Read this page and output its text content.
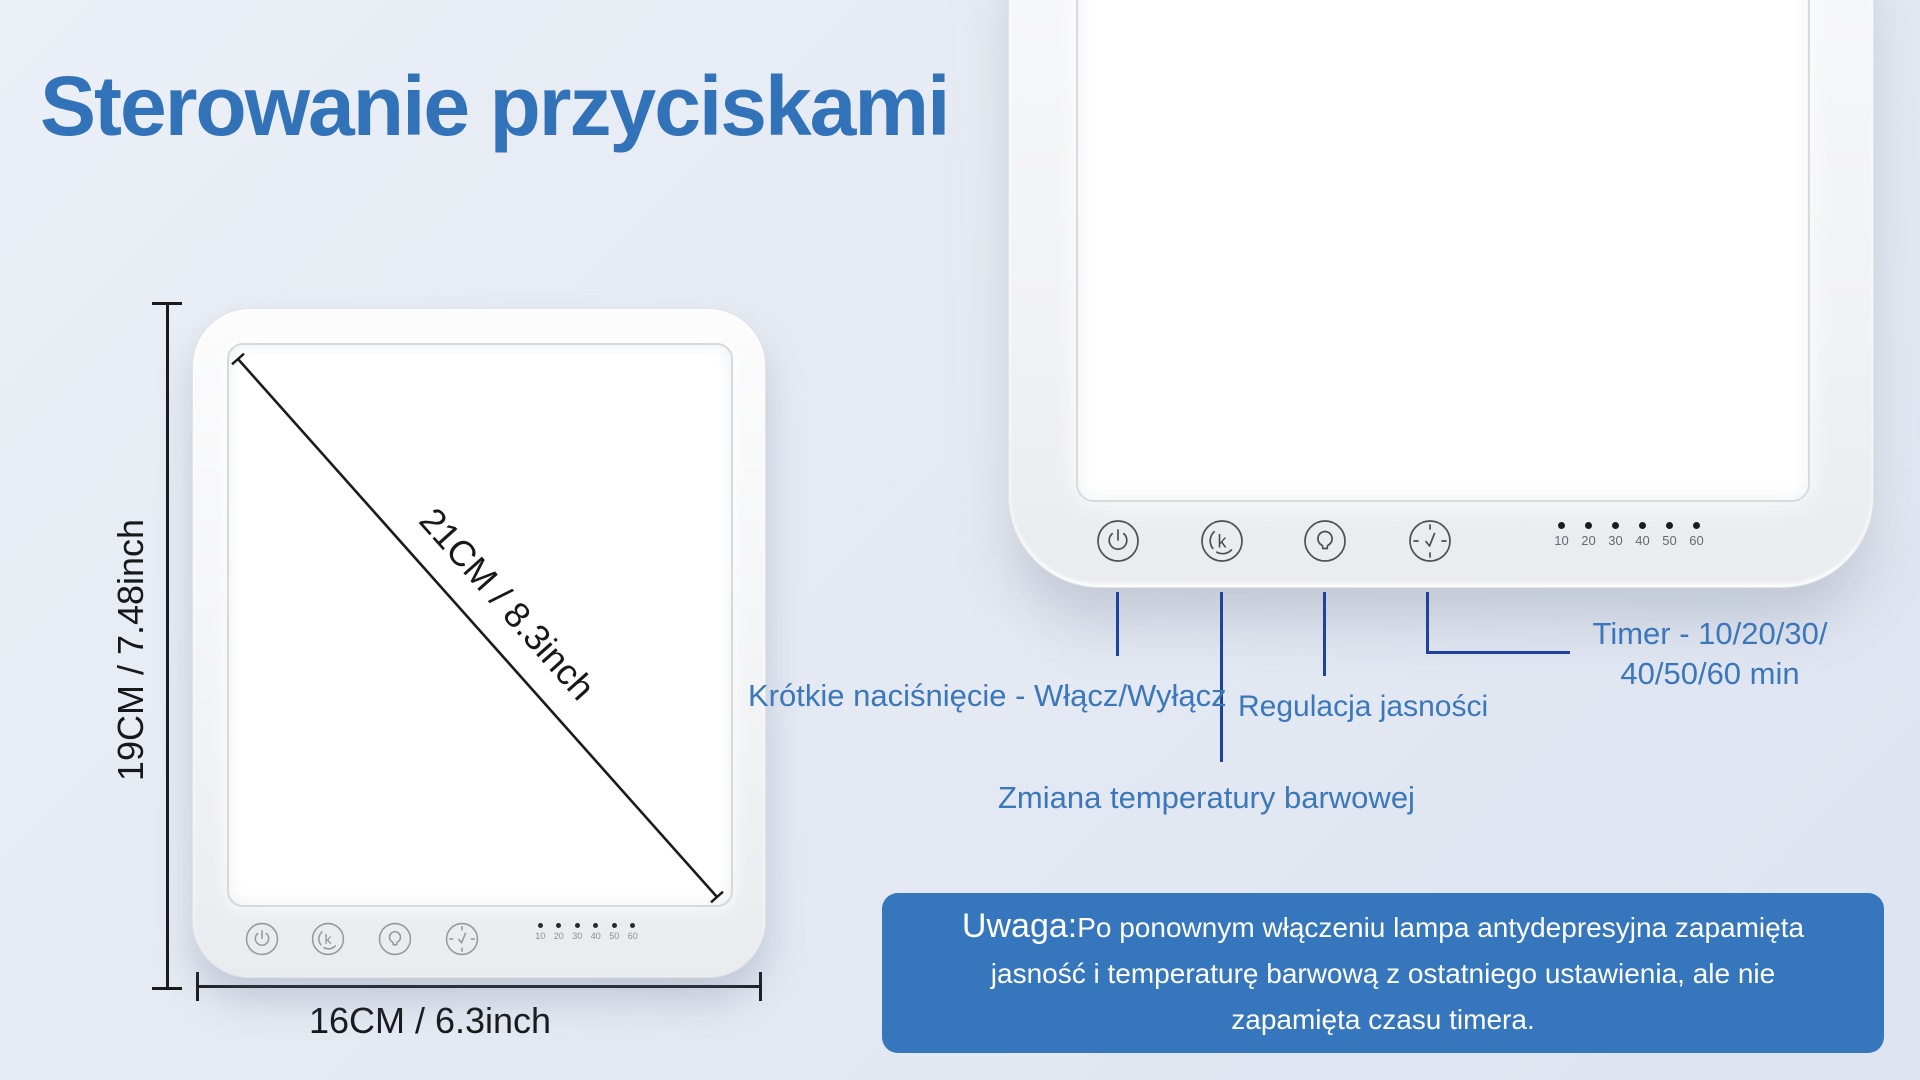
Sterowanie przyciskami
19CM / 7.48inch
16CM / 6.3inch
21CM / 8.3inch
k	10 20 30 40 50 60
k	10 20 30 40 50 60
Krótkie naciśnięcie - Włącz/Wyłącz Regulacja jasności
Zmiana temperatury barwowej
Timer - 10/20/30/
40/50/60 min
Uwaga:Po ponownym włączeniu lampa antydepresyjna zapamięta
jasność i temperaturę barwową z ostatniego ustawienia, ale nie
zapamięta czasu timera.
